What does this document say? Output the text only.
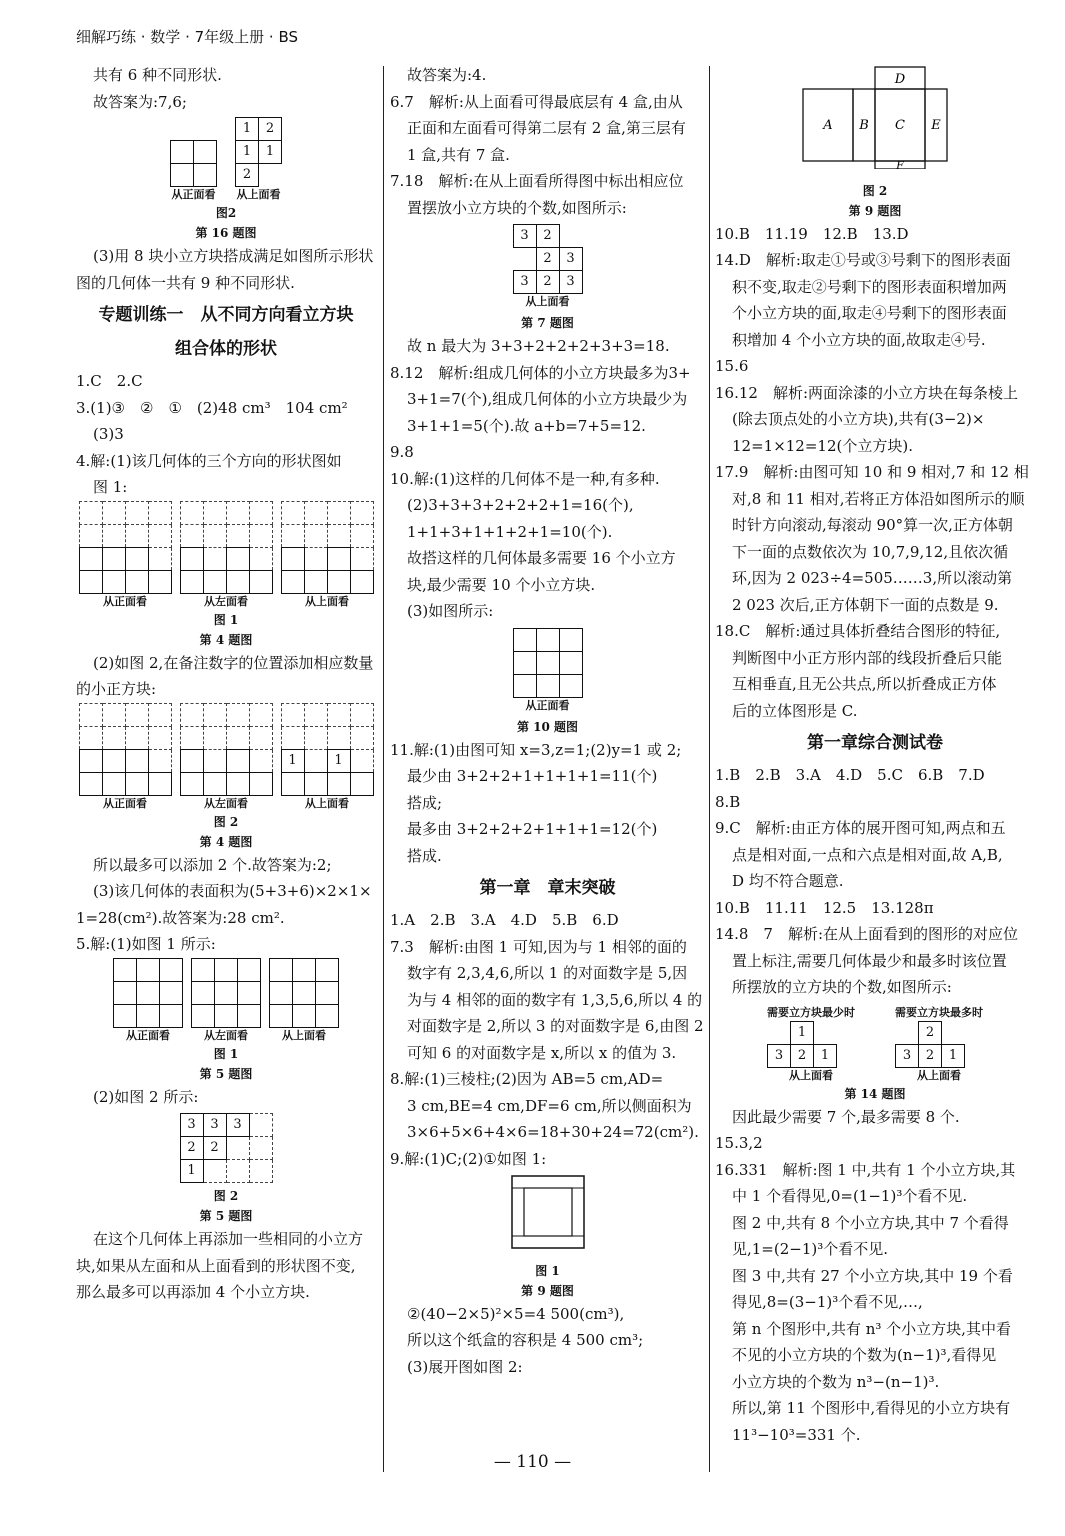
细解巧练 · 数学 · 7年级上册 · BS

共有 6 种不同形状.

故答案为:7,6;

从正面看
1	2
1	1
2	
从上面看
图2
第 16 题图

(3)用 8 块小立方块搭成满足如图所示形状

图的几何体一共有 9 种不同形状.

专题训练一　从不同方向看立方块
组合体的形状

1.C　2.C

3.(1)③　②　①　(2)48 cm³　104 cm²

(3)3

4.解:(1)该几何体的三个方向的形状图如

图 1:

从正面看

				从左面看

				从上面看
图 1
第 4 题图

(2)如图 2,在备注数字的位置添加相应数量

的小正方块:

从正面看

				从左面看

1		1	

从上面看
图 2
第 4 题图

所以最多可以添加 2 个.故答案为:2;

(3)该几何体的表面积为(5+3+6)×2×1×

1=28(cm²).故答案为:28 cm².

5.解:(1)如图 1 所示:

从正面看

			从左面看

			从上面看
图 1
第 5 题图

(2)如图 2 所示:

3	3	3	
2	2		
1			
图 2
第 5 题图

在这个几何体上再添加一些相同的小立方

块,如果从左面和从上面看到的形状图不变,

那么最多可以再添加 4 个小立方块.

故答案为:4.

6.7　解析:从上面看可得最底层有 4 盒,由从

正面和左面看可得第二层有 2 盒,第三层有

1 盒,共有 7 盒.

7.18　解析:在从上面看所得图中标出相应位

置摆放小立方块的个数,如图所示:

3	2	
	2	3
3	2	3
从上面看
第 7 题图

故 n 最大为 3+3+2+2+2+3+3=18.

8.12　解析:组成几何体的小立方块最多为3+

3+1=7(个),组成几何体的小立方块最少为

3+1+1=5(个).故 a+b=7+5=12.

9.8

10.解:(1)这样的几何体不是一种,有多种.

(2)3+3+3+2+2+2+1=16(个),

1+1+3+1+1+2+1=10(个).

故搭这样的几何体最多需要 16 个小立方

块,最少需要 10 个小立方块.

(3)如图所示:

从正面看
第 10 题图

11.解:(1)由图可知 x=3,z=1;(2)y=1 或 2;

最少由 3+2+2+1+1+1+1=11(个)

搭成;

最多由 3+2+2+2+1+1+1=12(个)

搭成.

第一章　章末突破

1.A　2.B　3.A　4.D　5.B　6.D

7.3　解析:由图 1 可知,因为与 1 相邻的面的

数字有 2,3,4,6,所以 1 的对面数字是 5,因

为与 4 相邻的面的数字有 1,3,5,6,所以 4 的

对面数字是 2,所以 3 的对面数字是 6,由图 2

可知 6 的对面数字是 x,所以 x 的值为 3.

8.解:(1)三棱柱;(2)因为 AB=5 cm,AD=

3 cm,BE=4 cm,DF=6 cm,所以侧面积为

3×6+5×6+4×6=18+30+24=72(cm²).

9.解:(1)C;(2)①如图 1:

图 1
第 9 题图

②(40−2×5)²×5=4 500(cm³),

所以这个纸盒的容积是 4 500 cm³;

(3)展开图如图 2:

A B C
D
E
F
图 2
第 9 题图

10.B　11.19　12.B　13.D

14.D　解析:取走①号或③号剩下的图形表面

积不变,取走②号剩下的图形表面积增加两

个小立方块的面,取走④号剩下的图形表面

积增加 4 个小立方块的面,故取走④号.

15.6

16.12　解析:两面涂漆的小立方块在每条棱上

(除去顶点处的小立方块),共有(3−2)×

12=1×12=12(个立方块).

17.9　解析:由图可知 10 和 9 相对,7 和 12 相

对,8 和 11 相对,若将正方体沿如图所示的顺

时针方向滚动,每滚动 90°算一次,正方体朝

下一面的点数依次为 10,7,9,12,且依次循

环,因为 2 023÷4=505……3,所以滚动第

2 023 次后,正方体朝下一面的点数是 9.

18.C　解析:通过具体折叠结合图形的特征,

判断图中小正方形内部的线段折叠后只能

互相垂直,且无公共点,所以折叠成正方体

后的立体图形是 C.

第一章综合测试卷

1.B　2.B　3.A　4.D　5.C　6.B　7.D

8.B

9.C　解析:由正方体的展开图可知,两点和五

点是相对面,一点和六点是相对面,故 A,B,

D 均不符合题意.

10.B　11.11　12.5　13.128π

14.8　7　解析:在从上面看到的图形的对应位

置上标注,需要几何体最少和最多时该位置

所摆放的立方块的个数,如图所示:

需要立方块最少时
	1	
3	2	1
从上面看
需要立方块最多时
	2	
3	2	1
从上面看
第 14 题图

因此最少需要 7 个,最多需要 8 个.

15.3,2

16.331　解析:图 1 中,共有 1 个小立方块,其

中 1 个看得见,0=(1−1)³个看不见.

图 2 中,共有 8 个小立方块,其中 7 个看得

见,1=(2−1)³个看不见.

图 3 中,共有 27 个小立方块,其中 19 个看

得见,8=(3−1)³个看不见,…,

第 n 个图形中,共有 n³ 个小立方块,其中看

不见的小立方块的个数为(n−1)³,看得见

小立方块的个数为 n³−(n−1)³.

所以,第 11 个图形中,看得见的小立方块有

11³−10³=331 个.

— 110 —
